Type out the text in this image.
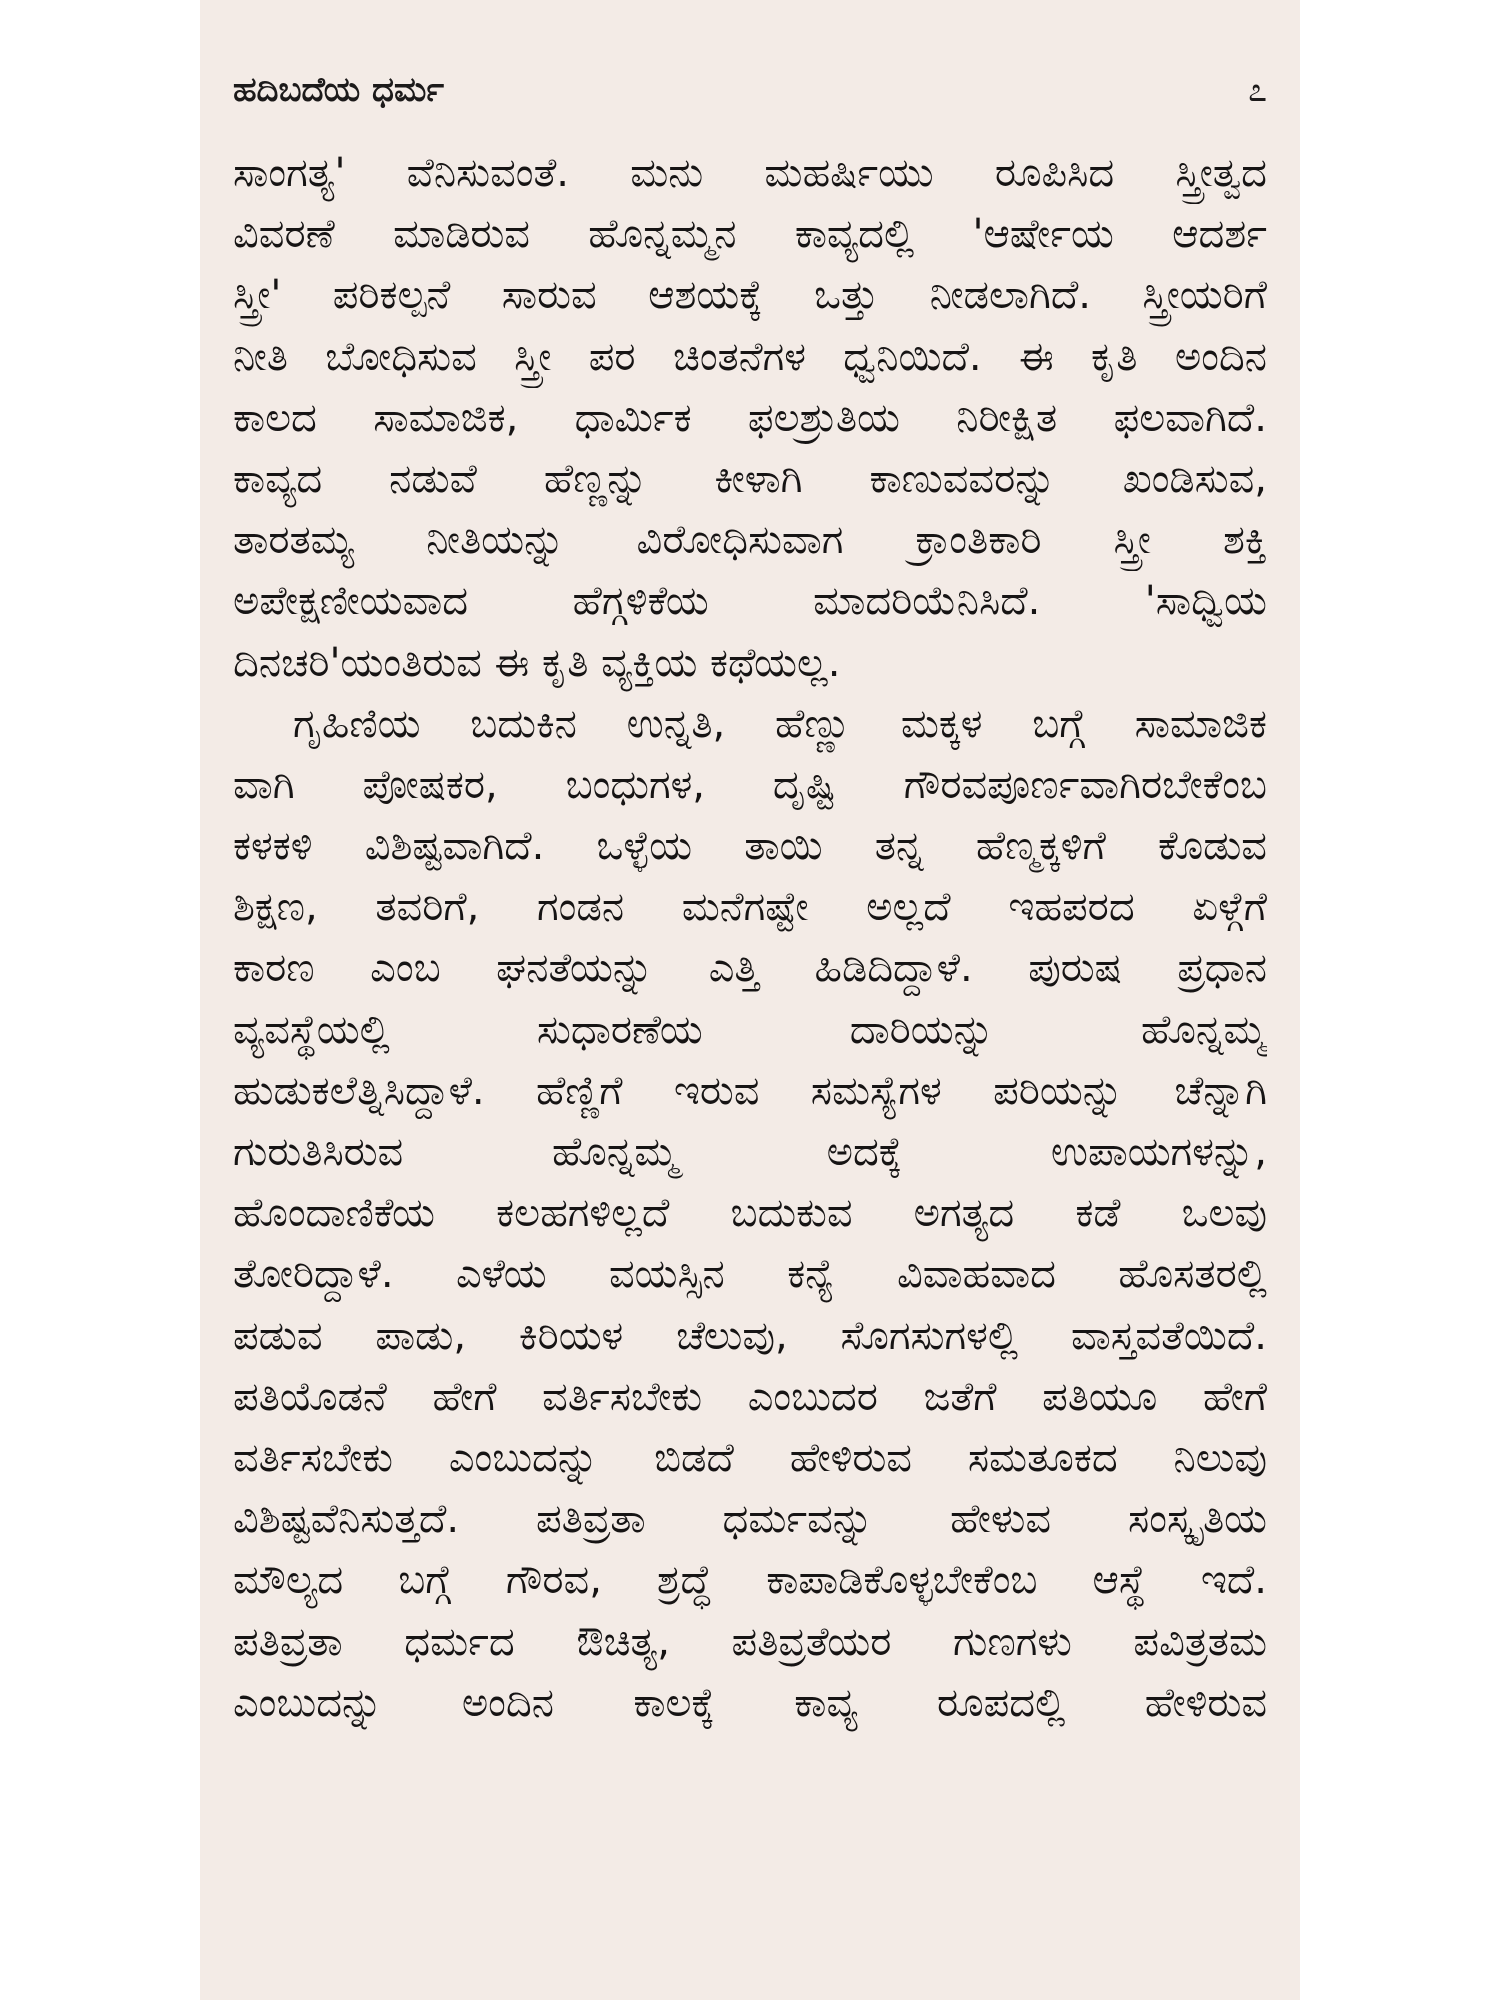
ಹದಿಬದೆಯ ಧರ್ಮ	೭
ಸಾಂಗತ್ಯ' ವೆನಿಸುವಂತೆ. ಮನು ಮಹರ್ಷಿಯು ರೂಪಿಸಿದ ಸ್ತ್ರೀತ್ವದ
ವಿವರಣೆ ಮಾಡಿರುವ ಹೊನ್ನಮ್ಮನ ಕಾವ್ಯದಲ್ಲಿ 'ಆರ್ಷೇಯ ಆದರ್ಶ
ಸ್ತ್ರೀ' ಪರಿಕಲ್ಪನೆ ಸಾರುವ ಆಶಯಕ್ಕೆ ಒತ್ತು ನೀಡಲಾಗಿದೆ. ಸ್ತ್ರೀಯರಿಗೆ
ನೀತಿ ಬೋಧಿಸುವ ಸ್ತ್ರೀ ಪರ ಚಿಂತನೆಗಳ ಧ್ವನಿಯಿದೆ. ಈ ಕೃತಿ ಅಂದಿನ
ಕಾಲದ ಸಾಮಾಜಿಕ, ಧಾರ್ಮಿಕ ಫಲಶ್ರುತಿಯ ನಿರೀಕ್ಷಿತ ಫಲವಾಗಿದೆ.
ಕಾವ್ಯದ ನಡುವೆ ಹೆಣ್ಣನ್ನು ಕೀಳಾಗಿ ಕಾಣುವವರನ್ನು ಖಂಡಿಸುವ,
ತಾರತಮ್ಯ ನೀತಿಯನ್ನು ವಿರೋಧಿಸುವಾಗ ಕ್ರಾಂತಿಕಾರಿ ಸ್ತ್ರೀ ಶಕ್ತಿ
ಅಪೇಕ್ಷಣೀಯವಾದ ಹೆಗ್ಗಳಿಕೆಯ ಮಾದರಿಯೆನಿಸಿದೆ. 'ಸಾಧ್ವಿಯ
ದಿನಚರಿ'ಯಂತಿರುವ ಈ ಕೃತಿ ವ್ಯಕ್ತಿಯ ಕಥೆಯಲ್ಲ.
ಗೃಹಿಣಿಯ ಬದುಕಿನ ಉನ್ನತಿ, ಹೆಣ್ಣು ಮಕ್ಕಳ ಬಗ್ಗೆ ಸಾಮಾಜಿಕ
ವಾಗಿ ಪೋಷಕರ, ಬಂಧುಗಳ, ದೃಷ್ಟಿ ಗೌರವಪೂರ್ಣವಾಗಿರಬೇಕೆಂಬ
ಕಳಕಳಿ ವಿಶಿಷ್ಟವಾಗಿದೆ. ಒಳ್ಳೆಯ ತಾಯಿ ತನ್ನ ಹೆಣ್ಮಕ್ಕಳಿಗೆ ಕೊಡುವ
ಶಿಕ್ಷಣ, ತವರಿಗೆ, ಗಂಡನ ಮನೆಗಷ್ಟೇ ಅಲ್ಲದೆ ಇಹಪರದ ಏಳ್ಗೆಗೆ
ಕಾರಣ ಎಂಬ ಘನತೆಯನ್ನು ಎತ್ತಿ ಹಿಡಿದಿದ್ದಾಳೆ. ಪುರುಷ ಪ್ರಧಾನ
ವ್ಯವಸ್ಥೆಯಲ್ಲಿ ಸುಧಾರಣೆಯ ದಾರಿಯನ್ನು ಹೊನ್ನಮ್ಮ
ಹುಡುಕಲೆತ್ನಿಸಿದ್ದಾಳೆ. ಹೆಣ್ಣಿಗೆ ಇರುವ ಸಮಸ್ಯೆಗಳ ಪರಿಯನ್ನು ಚೆನ್ನಾಗಿ
ಗುರುತಿಸಿರುವ ಹೊನ್ನಮ್ಮ ಅದಕ್ಕೆ ಉಪಾಯಗಳನ್ನು,
ಹೊಂದಾಣಿಕೆಯ ಕಲಹಗಳಿಲ್ಲದೆ ಬದುಕುವ ಅಗತ್ಯದ ಕಡೆ ಒಲವು
ತೋರಿದ್ದಾಳೆ. ಎಳೆಯ ವಯಸ್ಸಿನ ಕನ್ಯೆ ವಿವಾಹವಾದ ಹೊಸತರಲ್ಲಿ
ಪಡುವ ಪಾಡು, ಕಿರಿಯಳ ಚೆಲುವು, ಸೊಗಸುಗಳಲ್ಲಿ ವಾಸ್ತವತೆಯಿದೆ.
ಪತಿಯೊಡನೆ ಹೇಗೆ ವರ್ತಿಸಬೇಕು ಎಂಬುದರ ಜತೆಗೆ ಪತಿಯೂ ಹೇಗೆ
ವರ್ತಿಸಬೇಕು ಎಂಬುದನ್ನು ಬಿಡದೆ ಹೇಳಿರುವ ಸಮತೂಕದ ನಿಲುವು
ವಿಶಿಷ್ಟವೆನಿಸುತ್ತದೆ. ಪತಿವ್ರತಾ ಧರ್ಮವನ್ನು ಹೇಳುವ ಸಂಸ್ಕೃತಿಯ
ಮೌಲ್ಯದ ಬಗ್ಗೆ ಗೌರವ, ಶ್ರದ್ಧೆ ಕಾಪಾಡಿಕೊಳ್ಳಬೇಕೆಂಬ ಆಸ್ಥೆ ಇದೆ.
ಪತಿವ್ರತಾ ಧರ್ಮದ ಔಚಿತ್ಯ, ಪತಿವ್ರತೆಯರ ಗುಣಗಳು ಪವಿತ್ರತಮ
ಎಂಬುದನ್ನು ಅಂದಿನ ಕಾಲಕ್ಕೆ ಕಾವ್ಯ ರೂಪದಲ್ಲಿ ಹೇಳಿರುವ
